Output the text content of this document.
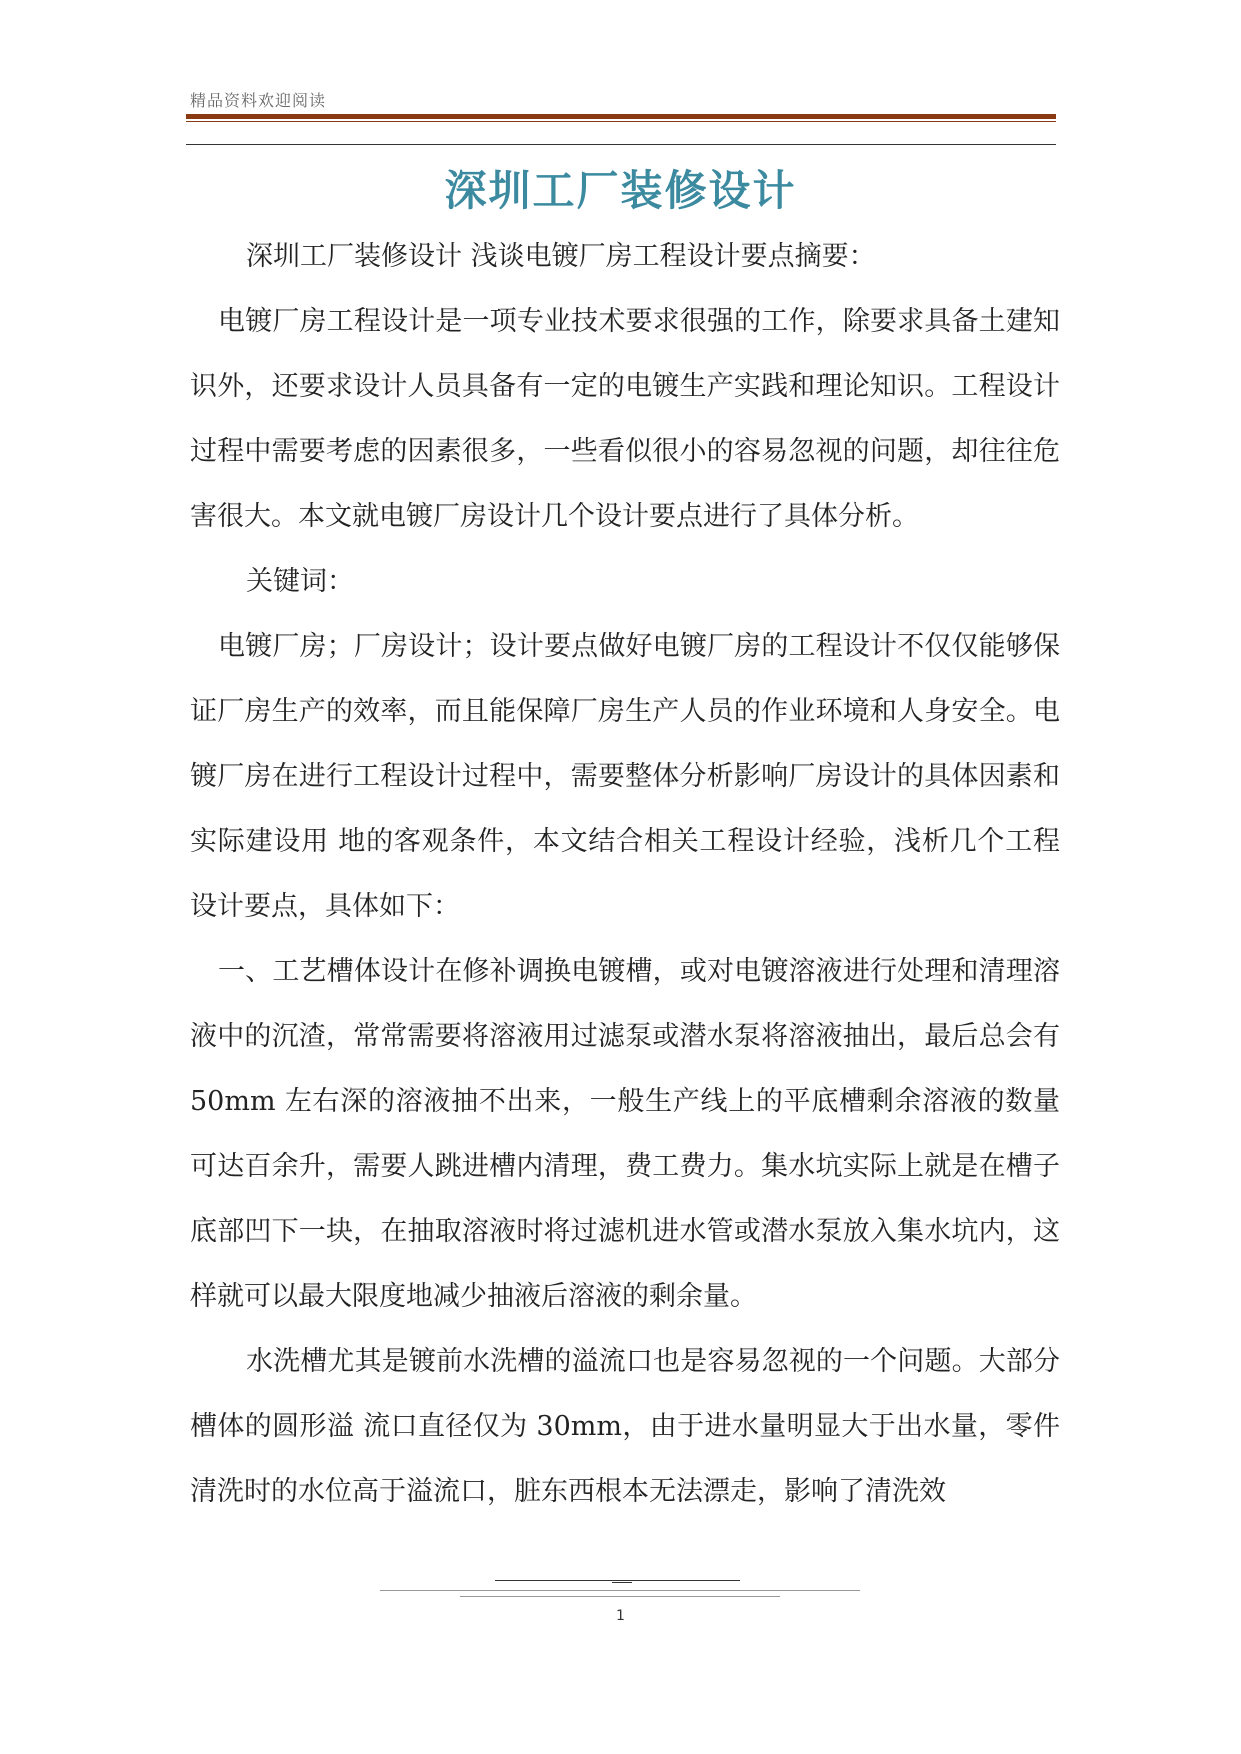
精品资料欢迎阅读
深圳工厂装修设计

深圳工厂装修设计 浅谈电镀厂房工程设计要点摘要：

电镀厂房工程设计是一项专业技术要求很强的工作，除要求具备土建知识外，还要求设计人员具备有一定的电镀生产实践和理论知识。工程设计过程中需要考虑的因素很多，一些看似很小的容易忽视的问题，却往往危害很大。本文就电镀厂房设计几个设计要点进行了具体分析。

关键词：

电镀厂房；厂房设计；设计要点做好电镀厂房的工程设计不仅仅能够保证厂房生产的效率，而且能保障厂房生产人员的作业环境和人身安全。电镀厂房在进行工程设计过程中，需要整体分析影响厂房设计的具体因素和实际建设用 地的客观条件，本文结合相关工程设计经验，浅析几个工程设计要点，具体如下：

一、工艺槽体设计在修补调换电镀槽，或对电镀溶液进行处理和清理溶液中的沉渣，常常需要将溶液用过滤泵或潜水泵将溶液抽出，最后总会有 50mm 左右深的溶液抽不出来，一般生产线上的平底槽剩余溶液的数量可达百余升，需要人跳进槽内清理，费工费力。集水坑实际上就是在槽子底部凹下一块，在抽取溶液时将过滤机进水管或潜水泵放入集水坑内，这样就可以最大限度地减少抽液后溶液的剩余量。

水洗槽尤其是镀前水洗槽的溢流口也是容易忽视的一个问题。大部分槽体的圆形溢 流口直径仅为 30mm，由于进水量明显大于出水量，零件清洗时的水位高于溢流口，脏东西根本无法漂走，影响了清洗效

1
